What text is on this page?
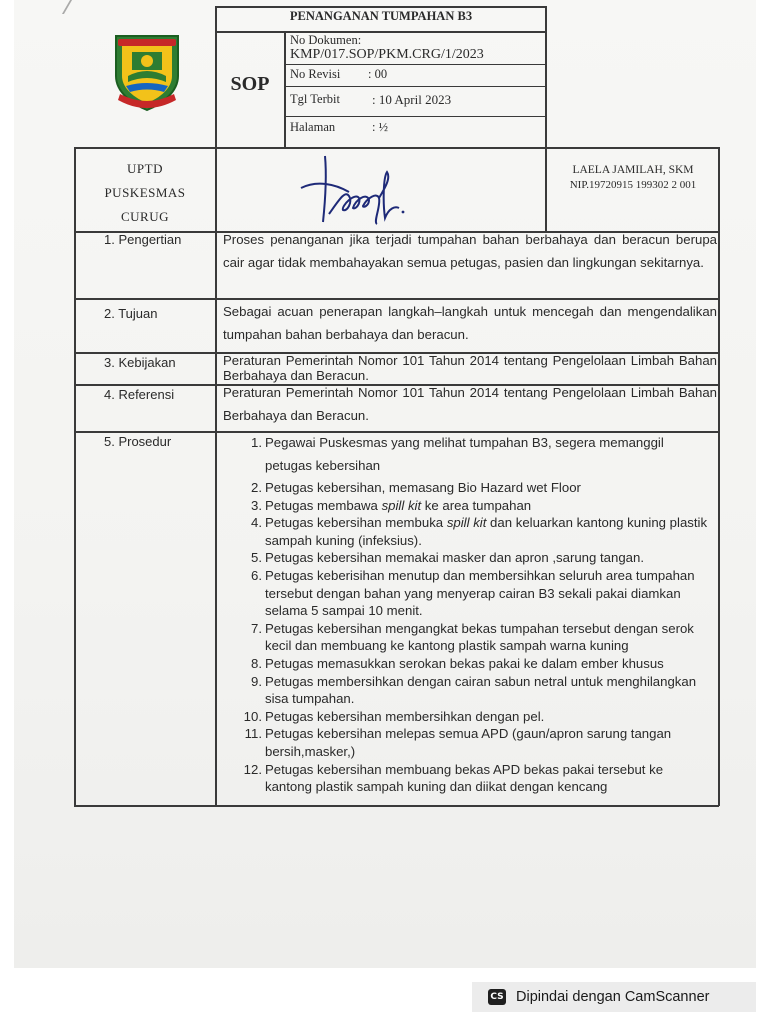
PENANGANAN TUMPAHAN B3
SOP
No Dokumen:
KMP/017.SOP/PKM.CRG/1/2023
No Revisi : 00
Tgl Terbit : 10 April 2023
Halaman	: ½
UPTD
PUSKESMAS
CURUG
LAELA JAMILAH, SKM
NIP.19720915 199302 2 001
1. Pengertian	Proses penanganan jika terjadi tumpahan bahan berbahaya dan beracun berupa cair agar tidak membahayakan semua petugas, pasien dan lingkungan sekitarnya.
2. Tujuan	Sebagai acuan penerapan langkah–langkah untuk mencegah dan mengendalikan tumpahan bahan berbahaya dan beracun.
3. Kebijakan	Peraturan Pemerintah Nomor 101 Tahun 2014 tentang Pengelolaan Limbah Bahan Berbahaya dan Beracun.
4. Referensi	Peraturan Pemerintah Nomor 101 Tahun 2014 tentang Pengelolaan Limbah Bahan Berbahaya dan Beracun.
5. Prosedur	1. Pegawai Puskesmas yang melihat tumpahan B3, segera memanggil petugas kebersihan
2. Petugas kebersihan, memasang Bio Hazard wet Floor
3. Petugas membawa spill kit ke area tumpahan
4. Petugas kebersihan membuka spill kit dan keluarkan kantong kuning plastik sampah kuning (infeksius).
5. Petugas kebersihan memakai masker dan apron ,sarung tangan.
6. Petugas keberisihan menutup dan membersihkan seluruh area tumpahan tersebut dengan bahan yang menyerap cairan B3 sekali pakai diamkan selama 5 sampai 10 menit.
7. Petugas kebersihan mengangkat bekas tumpahan tersebut dengan serok kecil dan membuang ke kantong plastik sampah warna kuning
8. Petugas memasukkan serokan bekas pakai ke dalam ember khusus
9. Petugas membersihkan dengan cairan sabun netral untuk menghilangkan sisa tumpahan.
10. Petugas kebersihan membersihkan dengan pel.
11. Petugas kebersihan melepas semua APD (gaun/apron sarung tangan bersih,masker,)
12. Petugas kebersihan membuang bekas APD bekas pakai tersebut ke kantong plastik sampah kuning dan diikat dengan kencang
CS Dipindai dengan CamScanner
